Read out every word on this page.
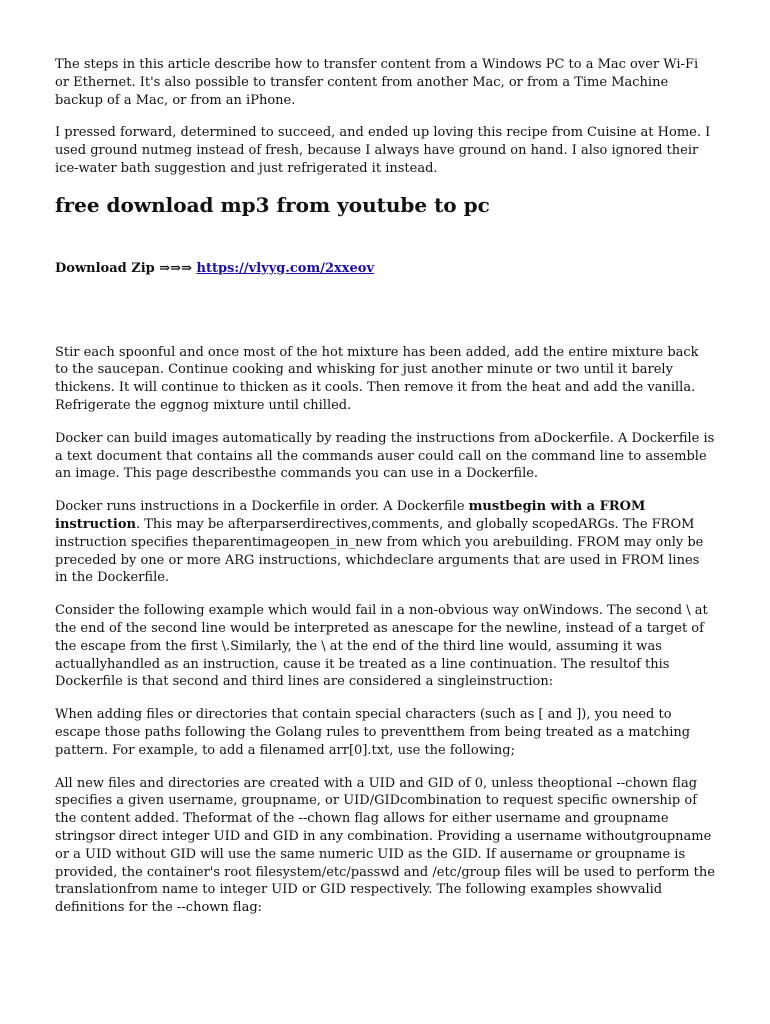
The steps in this article describe how to transfer content from a Windows PC to a Mac over Wi-Fi or Ethernet. It's also possible to transfer content from another Mac, or from a Time Machine backup of a Mac, or from an iPhone.

I pressed forward, determined to succeed, and ended up loving this recipe from Cuisine at Home. I used ground nutmeg instead of fresh, because I always have ground on hand. I also ignored their ice-water bath suggestion and just refrigerated it instead.

free download mp3 from youtube to pc
Download Zip ⇒⇒⇒ https://vlyyg.com/2xxeov

Stir each spoonful and once most of the hot mixture has been added, add the entire mixture back to the saucepan. Continue cooking and whisking for just another minute or two until it barely thickens. It will continue to thicken as it cools. Then remove it from the heat and add the vanilla. Refrigerate the eggnog mixture until chilled.

Docker can build images automatically by reading the instructions from aDockerfile. A Dockerfile is a text document that contains all the commands auser could call on the command line to assemble an image. This page describesthe commands you can use in a Dockerfile.

Docker runs instructions in a Dockerfile in order. A Dockerfile mustbegin with a FROM instruction. This may be afterparserdirectives,comments, and globally scopedARGs. The FROM instruction specifies theparentimageopen_in_new from which you arebuilding. FROM may only be preceded by one or more ARG instructions, whichdeclare arguments that are used in FROM lines in the Dockerfile.

Consider the following example which would fail in a non-obvious way onWindows. The second \ at the end of the second line would be interpreted as anescape for the newline, instead of a target of the escape from the first \.Similarly, the \ at the end of the third line would, assuming it was actuallyhandled as an instruction, cause it be treated as a line continuation. The resultof this Dockerfile is that second and third lines are considered a singleinstruction:

When adding files or directories that contain special characters (such as [ and ]), you need to escape those paths following the Golang rules to preventthem from being treated as a matching pattern. For example, to add a filenamed arr[0].txt, use the following;

All new files and directories are created with a UID and GID of 0, unless theoptional --chown flag specifies a given username, groupname, or UID/GIDcombination to request specific ownership of the content added. Theformat of the --chown flag allows for either username and groupname stringsor direct integer UID and GID in any combination. Providing a username withoutgroupname or a UID without GID will use the same numeric UID as the GID. If ausername or groupname is provided, the container's root filesystem/etc/passwd and /etc/group files will be used to perform the translationfrom name to integer UID or GID respectively. The following examples showvalid definitions for the --chown flag:
